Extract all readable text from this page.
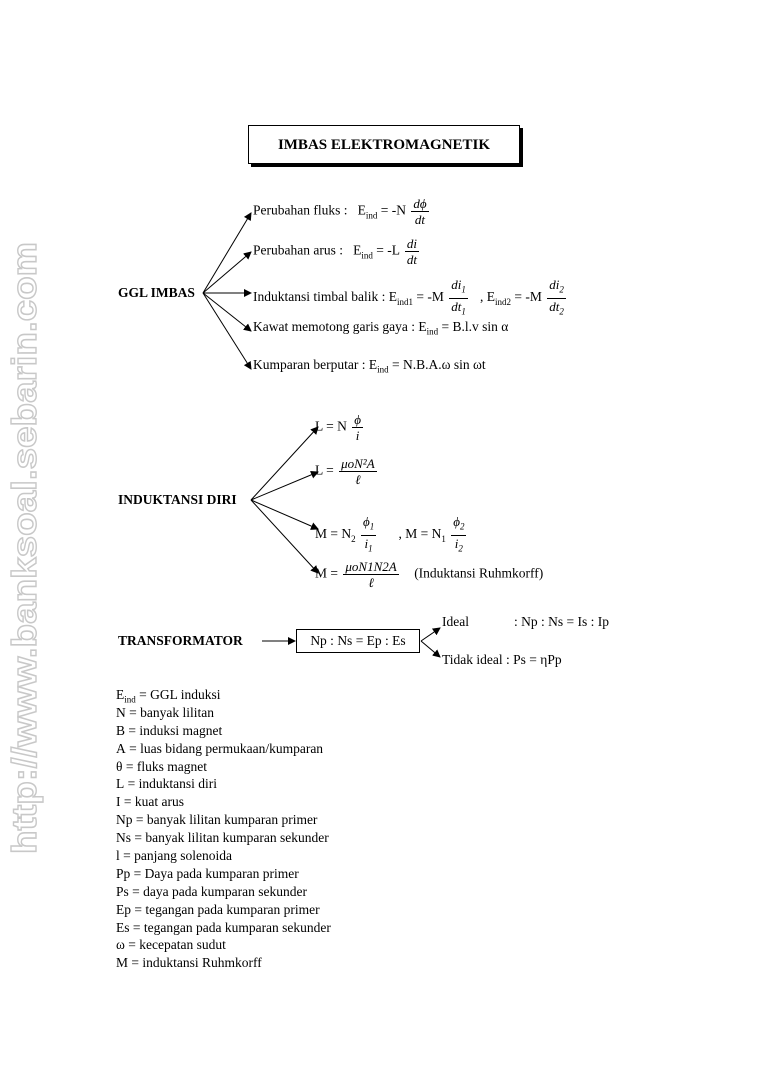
http://www.banksoal.sebarin.com
IMBAS ELEKTROMAGNETIK
GGL IMBAS
Perubahan fluks : $E_{ind} = -N \frac{d\phi}{dt}$
Perubahan arus : $E_{ind} = -L \frac{di}{dt}$
Induktansi timbal balik : $E_{ind1} = -M \frac{di_1}{dt_1}$ , $E_{ind2} = -M \frac{di_2}{dt_2}$
Kawat memotong garis gaya : $E_{ind} = B.l.v$ sin α
Kumparan berputar : $E_{ind} = N.B.A.\omega$ sin ωt
INDUKTANSI DIRI
L = N $\frac{\phi}{i}$
$L = \frac{\text{μoN²A}}{\text{ℓ}}$
$M = N_2 \frac{\phi_1}{i_1}$ , $M = N_1 \frac{\phi_2}{i_2}$
$M = \frac{\text{μoN1N2A}}{\text{ℓ}}$ (Induktansi Ruhmkorff)
TRANSFORMATOR	Np : Ns = Ep : Es
Ideal	: Np : Ns = Is : Ip
Tidak ideal : Ps = ηPp
$E_{ind}$ = GGL induksi
N = banyak lilitan
B = induksi magnet
A = luas bidang permukaan/kumparan
θ = fluks magnet
L = induktansi diri
I = kuat arus
Np = banyak lilitan kumparan primer
Ns = banyak lilitan kumparan sekunder
l = panjang solenoida
Pp = Daya pada kumparan primer
Ps = daya pada kumparan sekunder
Ep = tegangan pada kumparan primer
Es = tegangan pada kumparan sekunder
ω = kecepatan sudut
M = induktansi Ruhmkorff
